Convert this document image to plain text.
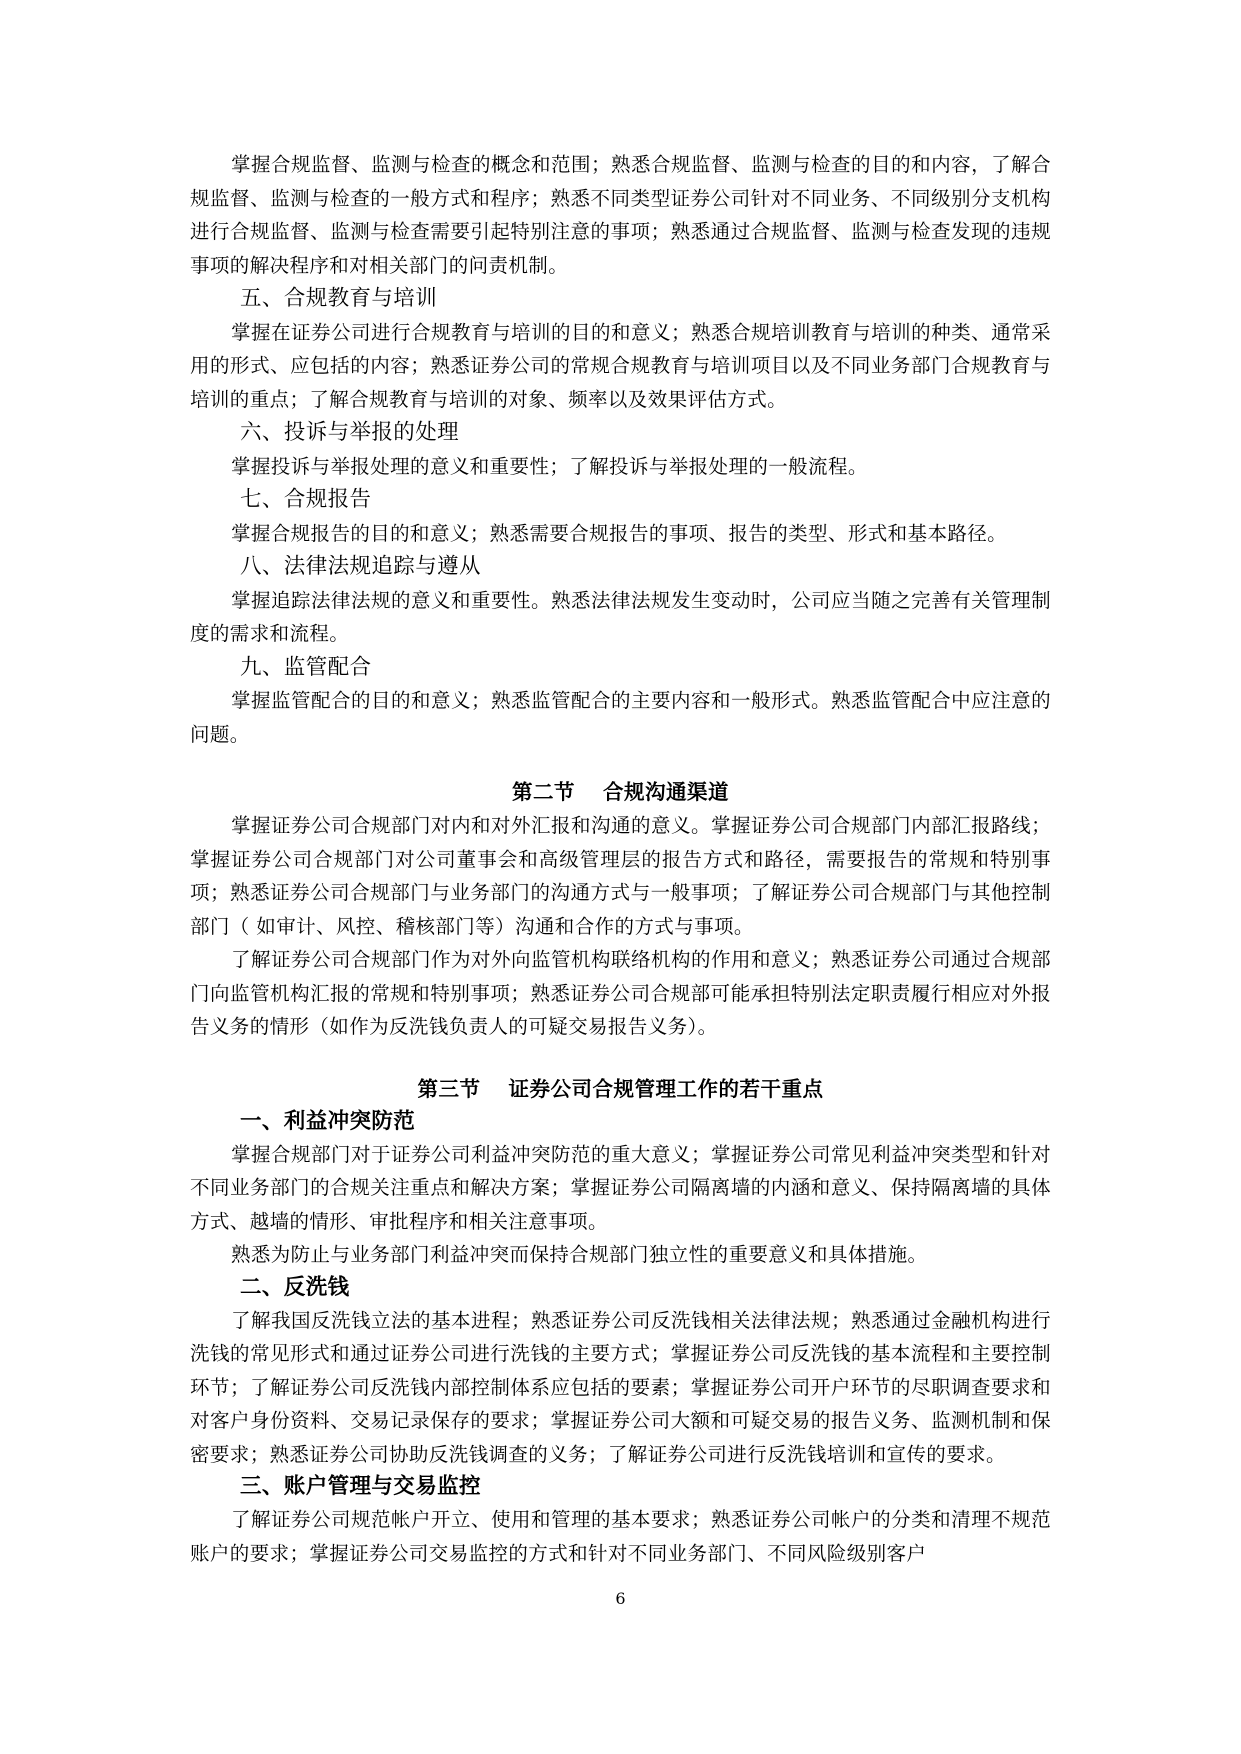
掌握合规监督、监测与检查的概念和范围；熟悉合规监督、监测与检查的目的和内容，了解合规监督、监测与检查的一般方式和程序；熟悉不同类型证券公司针对不同业务、不同级别分支机构进行合规监督、监测与检查需要引起特别注意的事项；熟悉通过合规监督、监测与检查发现的违规事项的解决程序和对相关部门的问责机制。

五、合规教育与培训

掌握在证券公司进行合规教育与培训的目的和意义；熟悉合规培训教育与培训的种类、通常采用的形式、应包括的内容；熟悉证券公司的常规合规教育与培训项目以及不同业务部门合规教育与培训的重点；了解合规教育与培训的对象、频率以及效果评估方式。

六、投诉与举报的处理

掌握投诉与举报处理的意义和重要性；了解投诉与举报处理的一般流程。

七、合规报告

掌握合规报告的目的和意义；熟悉需要合规报告的事项、报告的类型、形式和基本路径。

八、法律法规追踪与遵从

掌握追踪法律法规的意义和重要性。熟悉法律法规发生变动时，公司应当随之完善有关管理制度的需求和流程。

九、监管配合

掌握监管配合的目的和意义；熟悉监管配合的主要内容和一般形式。熟悉监管配合中应注意的问题。

第二节 合规沟通渠道

掌握证券公司合规部门对内和对外汇报和沟通的意义。掌握证券公司合规部门内部汇报路线；掌握证券公司合规部门对公司董事会和高级管理层的报告方式和路径，需要报告的常规和特别事项；熟悉证券公司合规部门与业务部门的沟通方式与一般事项；了解证券公司合规部门与其他控制部门（ 如审计、风控、稽核部门等）沟通和合作的方式与事项。

了解证券公司合规部门作为对外向监管机构联络机构的作用和意义；熟悉证券公司通过合规部门向监管机构汇报的常规和特别事项；熟悉证券公司合规部可能承担特别法定职责履行相应对外报告义务的情形（如作为反洗钱负责人的可疑交易报告义务）。

第三节 证券公司合规管理工作的若干重点
一、利益冲突防范

掌握合规部门对于证券公司利益冲突防范的重大意义；掌握证券公司常见利益冲突类型和针对不同业务部门的合规关注重点和解决方案；掌握证券公司隔离墙的内涵和意义、保持隔离墙的具体方式、越墙的情形、审批程序和相关注意事项。

熟悉为防止与业务部门利益冲突而保持合规部门独立性的重要意义和具体措施。

二、反洗钱

了解我国反洗钱立法的基本进程；熟悉证券公司反洗钱相关法律法规；熟悉通过金融机构进行洗钱的常见形式和通过证券公司进行洗钱的主要方式；掌握证券公司反洗钱的基本流程和主要控制环节；了解证券公司反洗钱内部控制体系应包括的要素；掌握证券公司开户环节的尽职调查要求和对客户身份资料、交易记录保存的要求；掌握证券公司大额和可疑交易的报告义务、监测机制和保密要求；熟悉证券公司协助反洗钱调查的义务；了解证券公司进行反洗钱培训和宣传的要求。

三、账户管理与交易监控

了解证券公司规范帐户开立、使用和管理的基本要求；熟悉证券公司帐户的分类和清理不规范账户的要求；掌握证券公司交易监控的方式和针对不同业务部门、不同风险级别客户

6
